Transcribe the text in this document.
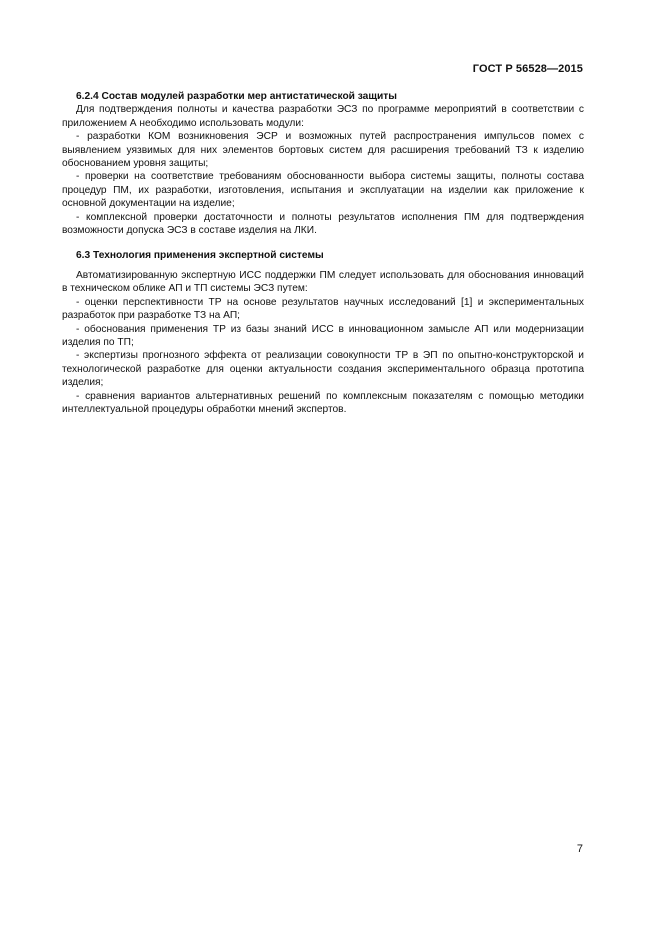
ГОСТ Р 56528—2015

6.2.4 Состав модулей разработки мер антистатической защиты

Для подтверждения полноты и качества разработки ЭСЗ по программе мероприятий в соответствии с приложением А необходимо использовать модули:

- разработки КОМ возникновения ЭСР и возможных путей распространения импульсов помех с выявлением уязвимых для них элементов бортовых систем для расширения требований ТЗ к изделию обоснованием уровня защиты;

- проверки на соответствие требованиям обоснованности выбора системы защиты, полноты состава процедур ПМ, их разработки, изготовления, испытания и эксплуатации на изделии как приложение к основной документации на изделие;

- комплексной проверки достаточности и полноты результатов исполнения ПМ для подтверждения возможности допуска ЭСЗ в составе изделия на ЛКИ.

6.3 Технология применения экспертной системы

Автоматизированную экспертную ИСС поддержки ПМ следует использовать для обоснования инноваций в техническом облике АП и ТП системы ЭСЗ путем:

- оценки перспективности ТР на основе результатов научных исследований [1] и экспериментальных разработок при разработке ТЗ на АП;

- обоснования применения ТР из базы знаний ИСС в инновационном замысле АП или модернизации изделия по ТП;

- экспертизы прогнозного эффекта от реализации совокупности ТР в ЭП по опытно-конструкторской и технологической разработке для оценки актуальности создания экспериментального образца прототипа изделия;

- сравнения вариантов альтернативных решений по комплексным показателям с помощью методики интеллектуальной процедуры обработки мнений экспертов.

7
